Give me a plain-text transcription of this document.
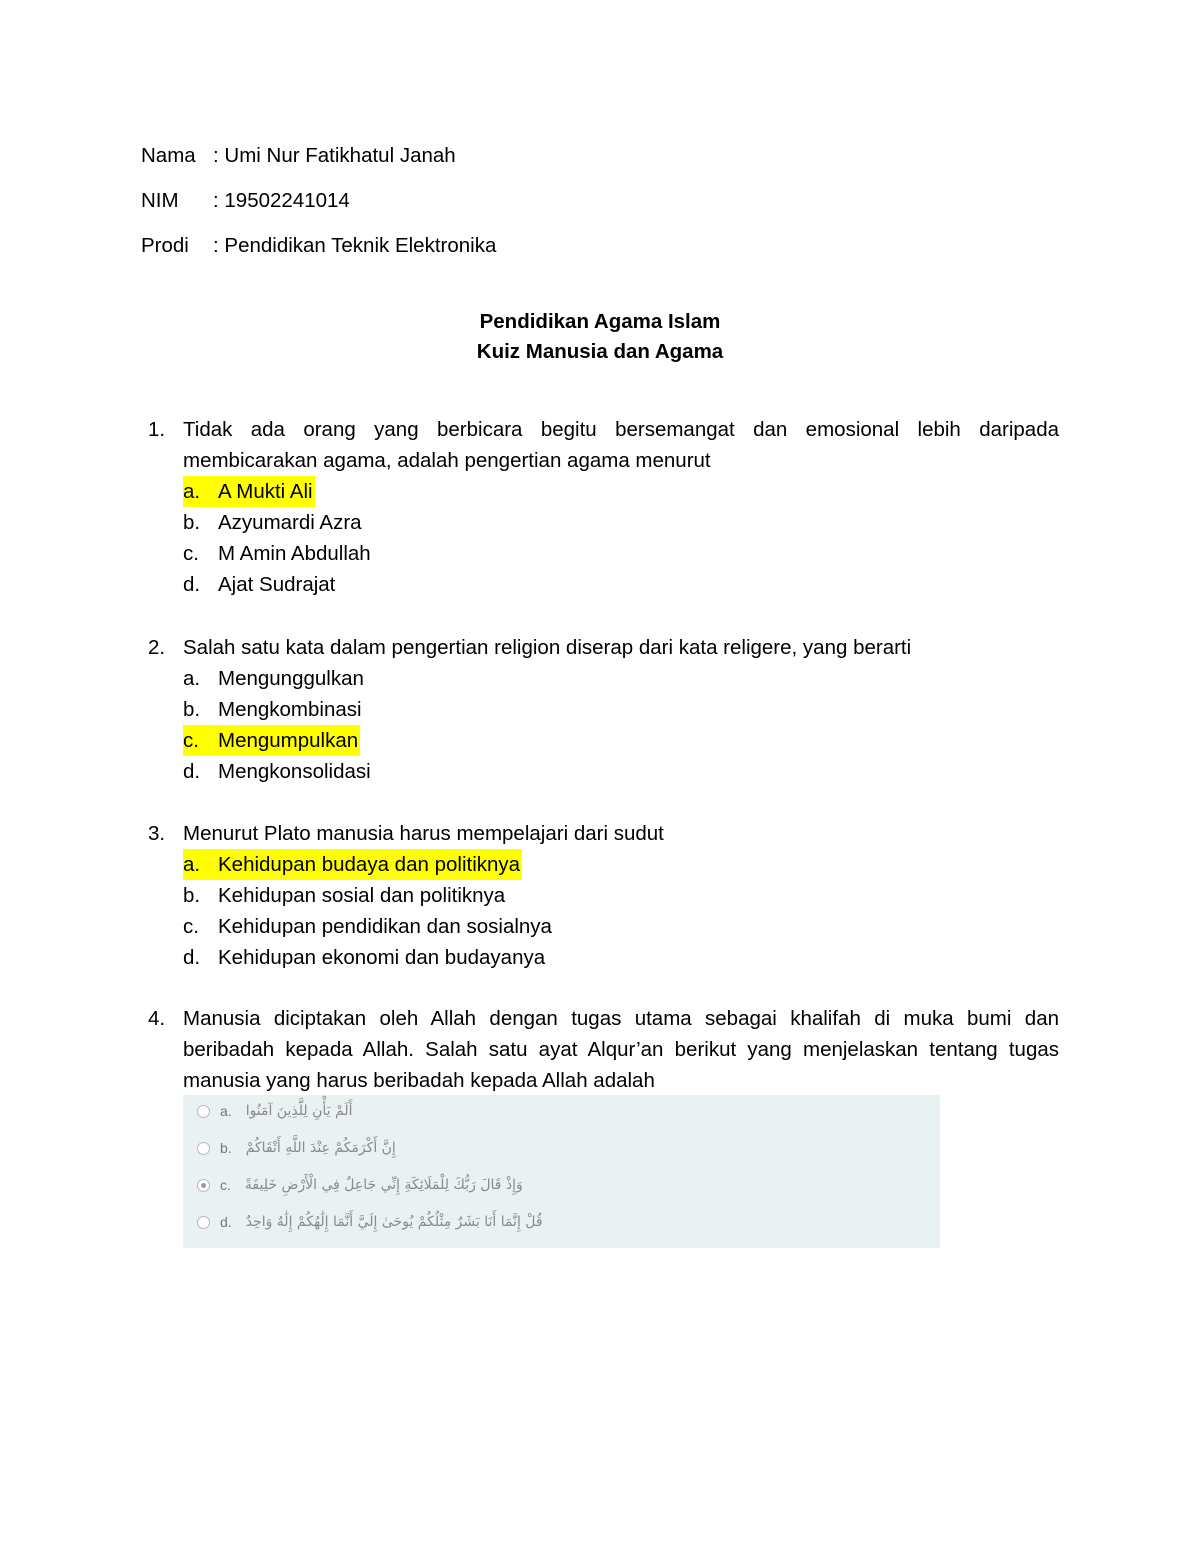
Nama : Umi Nur Fatikhatul Janah
NIM : 19502241014
Prodi : Pendidikan Teknik Elektronika
Pendidikan Agama Islam
Kuiz Manusia dan Agama
1. Tidak ada orang yang berbicara begitu bersemangat dan emosional lebih daripada membicarakan agama, adalah pengertian agama menurut
a. A Mukti Ali
b. Azyumardi Azra
c. M Amin Abdullah
d. Ajat Sudrajat
2. Salah satu kata dalam pengertian religion diserap dari kata religere, yang berarti
a. Mengunggulkan
b. Mengkombinasi
c. Mengumpulkan
d. Mengkonsolidasi
3. Menurut Plato manusia harus mempelajari dari sudut
a. Kehidupan budaya dan politiknya
b. Kehidupan sosial dan politiknya
c. Kehidupan pendidikan dan sosialnya
d. Kehidupan ekonomi dan budayanya
4. Manusia diciptakan oleh Allah dengan tugas utama sebagai khalifah di muka bumi dan beribadah kepada Allah. Salah satu ayat Alqur’an berikut yang menjelaskan tentang tugas manusia yang harus beribadah kepada Allah adalah
a. أَلَمْ يَأْنِ لِلَّذِينَ آمَنُوا
b. إِنَّ أَكْرَمَكُمْ عِنْدَ اللَّهِ أَتْقَاكُمْ
c. وَإِذْ قَالَ رَبُّكَ لِلْمَلَائِكَةِ إِنِّي جَاعِلٌ فِي الْأَرْضِ خَلِيفَةً
d. قُلْ إِنَّمَا أَنَا بَشَرٌ مِثْلُكُمْ يُوحَىٰ إِلَيَّ أَنَّمَا إِلَٰهُكُمْ إِلَٰهٌ وَاحِدٌ
